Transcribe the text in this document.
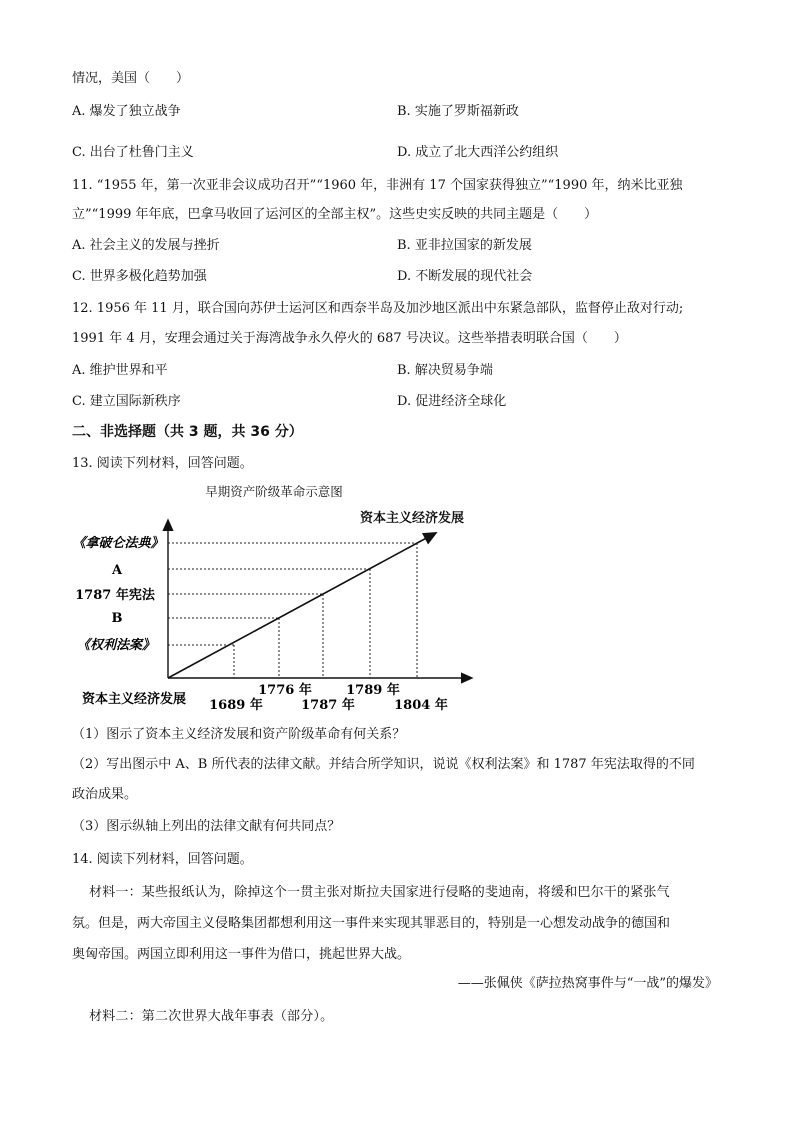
情况，美国（　　）
A. 爆发了独立战争	B. 实施了罗斯福新政
C. 出台了杜鲁门主义	D. 成立了北大西洋公约组织
11. “1955 年，第一次亚非会议成功召开”“1960 年，非洲有 17 个国家获得独立”“1990 年，纳米比亚独
立”“1999 年年底，巴拿马收回了运河区的全部主权”。这些史实反映的共同主题是（　　）
A. 社会主义的发展与挫折	B. 亚非拉国家的新发展
C. 世界多极化趋势加强	D. 不断发展的现代社会
12. 1956 年 11 月，联合国向苏伊士运河区和西奈半岛及加沙地区派出中东紧急部队，监督停止敌对行动;
1991 年 4 月，安理会通过关于海湾战争永久停火的 687 号决议。这些举措表明联合国（　　）
A. 维护世界和平	B. 解决贸易争端
C. 建立国际新秩序	D. 促进经济全球化
二、非选择题（共 3 题，共 36 分）
13. 阅读下列材料，回答问题。
早期资产阶级革命示意图
资本主义经济发展
《拿破仑法典》
A
1787 年宪法
B
《权利法案》
资本主义经济发展
1776 年	1789 年
1689 年	1787 年	1804 年
（1）图示了资本主义经济发展和资产阶级革命有何关系？
（2）写出图示中 A、B 所代表的法律文献。并结合所学知识，说说《权利法案》和 1787 年宪法取得的不同
政治成果。
（3）图示纵轴上列出的法律文献有何共同点？
14. 阅读下列材料，回答问题。
材料一：某些报纸认为，除掉这个一贯主张对斯拉夫国家进行侵略的斐迪南，将缓和巴尔干的紧张气
氛。但是，两大帝国主义侵略集团都想利用这一事件来实现其罪恶目的，特别是一心想发动战争的德国和
奥匈帝国。两国立即利用这一事件为借口，挑起世界大战。
——张佩侠《萨拉热窝事件与“一战”的爆发》
材料二：第二次世界大战年事表（部分）。
